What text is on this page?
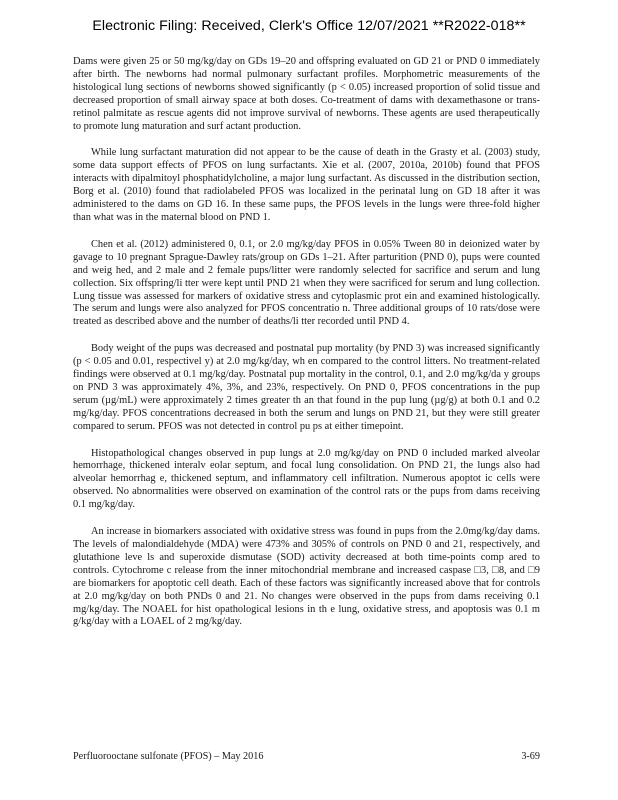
Electronic Filing: Received, Clerk's Office 12/07/2021 **R2022-018**

Dams were given 25 or 50 mg/kg/day on GDs 19–20 and offspring evaluated on GD 21 or PND 0 immediately after birth. The newborns had normal pulmonary surfactant profiles. Morphometric measurements of the histological lung sections of newborns showed significantly (p < 0.05) increased proportion of solid tissue and decreased proportion of small airway space at both doses. Co-treatment of dams with dexamethasone or trans-retinol palmitate as rescue agents did not improve survival of newborns. These agents are used therapeutically to promote lung maturation and surf actant production.

While lung surfactant maturation did not appear to be the cause of death in the Grasty et al. (2003) study, some data support effects of PFOS on lung surfactants. Xie et al. (2007, 2010a, 2010b) found that PFOS interacts with dipalmitoyl phosphatidylcholine, a major lung surfactant. As discussed in the distribution section, Borg et al. (2010) found that radiolabeled PFOS was localized in the perinatal lung on GD 18 after it was administered to the dams on GD 16. In these same pups, the PFOS levels in the lungs were three-fold higher than what was in the maternal blood on PND 1.

Chen et al. (2012) administered 0, 0.1, or 2.0 mg/kg/day PFOS in 0.05% Tween 80 in deionized water by gavage to 10 pregnant Sprague-Dawley rats/group on GDs 1–21. After parturition (PND 0), pups were counted and weig hed, and 2 male and 2 female pups/litter were randomly selected for sacrifice and serum and lung collection. Six offspring/li tter were kept until PND 21 when they were sacrificed for serum and lung collection. Lung tissue was assessed for markers of oxidative stress and cytoplasmic prot ein and examined histologically. The serum and lungs were also analyzed for PFOS concentratio n. Three additional groups of 10 rats/dose were treated as described above and the number of deaths/li tter recorded until PND 4.

Body weight of the pups was decreased and postnatal pup mortality (by PND 3) was increased significantly (p < 0.05 and 0.01, respectivel y) at 2.0 mg/kg/day, wh en compared to the control litters. No treatment-related findings were observed at 0.1 mg/kg/day. Postnatal pup mortality in the control, 0.1, and 2.0 mg/kg/da y groups on PND 3 was approximately 4%, 3%, and 23%, respectively. On PND 0, PFOS concentrations in the pup serum (µg/mL) were approximately 2 times greater th an that found in the pup lung (µg/g) at both 0.1 and 0.2 mg/kg/day. PFOS concentrations decreased in both the serum and lungs on PND 21, but they were still greater compared to serum. PFOS was not detected in control pu ps at either timepoint.

Histopathological changes observed in pup lungs at 2.0 mg/kg/day on PND 0 included marked alveolar hemorrhage, thickened interalv eolar septum, and focal lung consolidation. On PND 21, the lungs also had alveolar hemorrhag e, thickened septum, and inflammatory cell infiltration. Numerous apoptot ic cells were observed. No abnormalities were observed on examination of the control rats or the pups from dams receiving 0.1 mg/kg/day.

An increase in biomarkers associated with oxidative stress was found in pups from the 2.0mg/kg/day dams. The levels of malondialdehyde (MDA) were 473% and 305% of controls on PND 0 and 21, respectively, and glutathione leve ls and superoxide dismutase (SOD) activity decreased at both time-points comp ared to controls. Cytochrome c release from the inner mitochondrial membrane and increased caspase □3, □8, and □9 are biomarkers for apoptotic cell death. Each of these factors was significantly increased above that for controls at 2.0 mg/kg/day on both PNDs 0 and 21. No changes were observed in the pups from dams receiving 0.1 mg/kg/day. The NOAEL for hist opathological lesions in th e lung, oxidative stress, and apoptosis was 0.1 m g/kg/day with a LOAEL of 2 mg/kg/day.

Perfluorooctane sulfonate (PFOS) – May 2016	3-69
